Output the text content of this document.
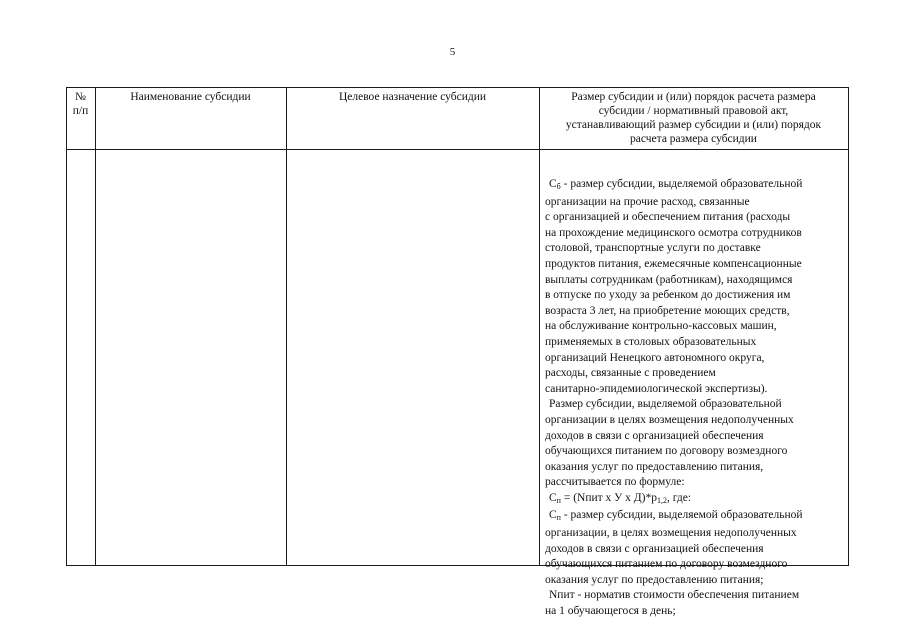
5
№
п/п
Наименование субсидии	Целевое назначение субсидии	Размер субсидии и (или) порядок расчета размера
субсидии / нормативный правовой акт,
устанавливающий размер субсидии и (или) порядок
расчета размера субсидии

$С_б$ - размер субсидии, выделяемой образовательной

организации на прочие расход, связанные

с организацией и обеспечением питания (расходы

на прохождение медицинского осмотра сотрудников

столовой, транспортные услуги по доставке

продуктов питания, ежемесячные компенсационные

выплаты сотрудникам (работникам), находящимся

в отпуске по уходу за ребенком до достижения им

возраста 3 лет, на приобретение моющих средств,

на обслуживание контрольно-кассовых машин,

применяемых в столовых образовательных

организаций Ненецкого автономного округа,

расходы, связанные с проведением

санитарно-эпидемиологической экспертизы).

Размер субсидии, выделяемой образовательной

организации в целях возмещения недополученных

доходов в связи с организацией обеспечения

обучающихся питанием по договору возмездного

оказания услуг по предоставлению питания,

рассчитывается по формуле:

$С_п$ = (Nпит х У х $Д)*р_{1,2}$, где:

$С_п$ - размер субсидии, выделяемой образовательной

организации, в целях возмещения недополученных

доходов в связи с организацией обеспечения

обучающихся питанием по договору возмездного

оказания услуг по предоставлению питания;

Nпит - норматив стоимости обеспечения питанием

на 1 обучающегося в день;
